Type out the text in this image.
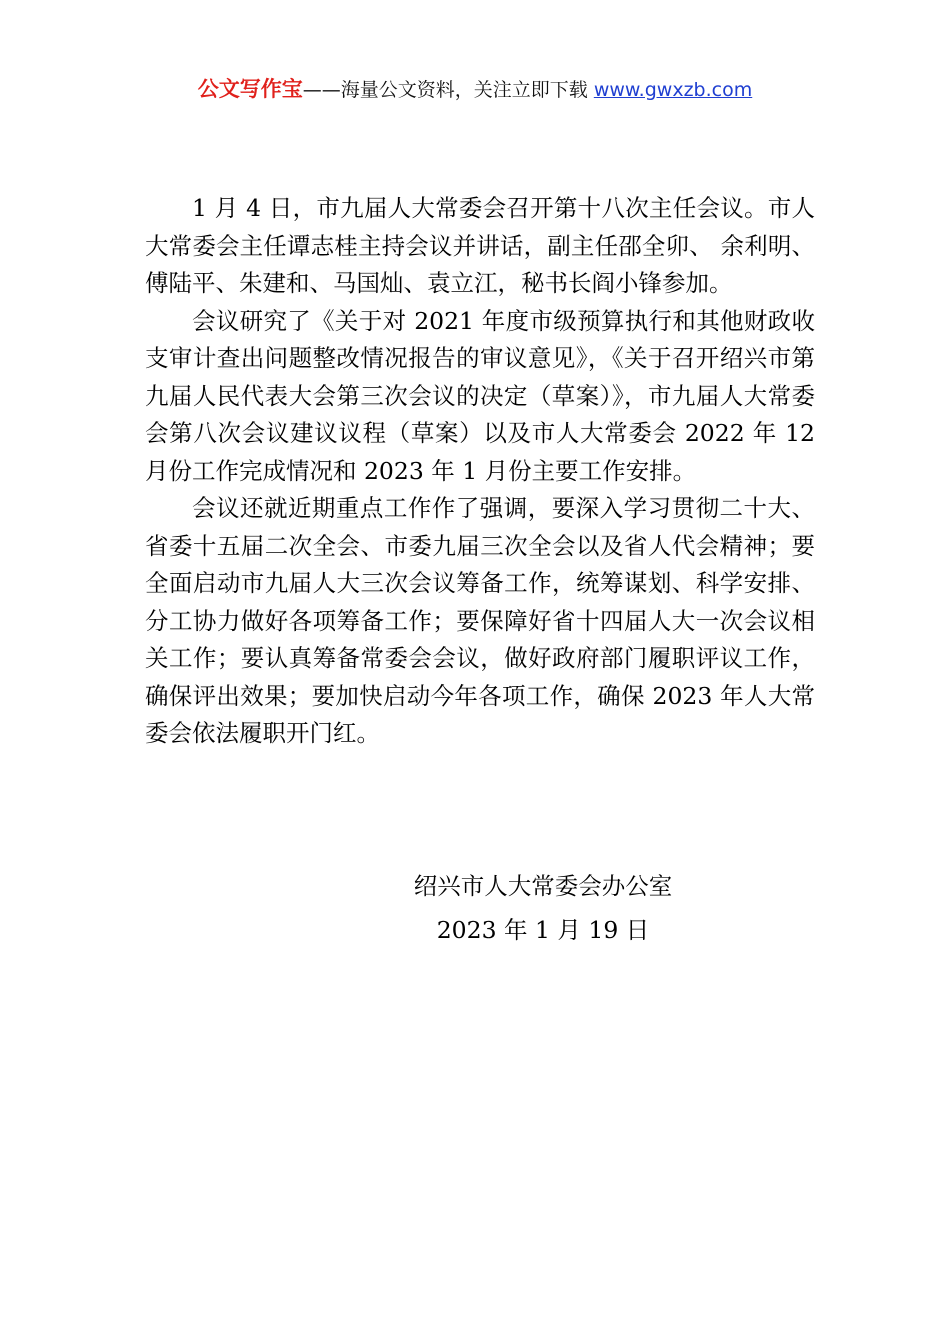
公文写作宝——海量公文资料，关注立即下载 www.gwxzb.com

1 月 4 日，市九届人大常委会召开第十八次主任会议。市人大常委会主任谭志桂主持会议并讲话，副主任邵全卯、 余利明、傅陆平、朱建和、马国灿、袁立江，秘书长阎小锋参加。

会议研究了《关于对 2021 年度市级预算执行和其他财政收支审计查出问题整改情况报告的审议意见》，《关于召开绍兴市第九届人民代表大会第三次会议的决定（草案）》，市九届人大常委会第八次会议建议议程（草案）以及市人大常委会 2022 年 12 月份工作完成情况和 2023 年 1 月份主要工作安排。

会议还就近期重点工作作了强调，要深入学习贯彻二十大、省委十五届二次全会、市委九届三次全会以及省人代会精神；要全面启动市九届人大三次会议筹备工作，统筹谋划、科学安排、分工协力做好各项筹备工作；要保障好省十四届人大一次会议相关工作；要认真筹备常委会会议，做好政府部门履职评议工作，确保评出效果；要加快启动今年各项工作，确保 2023 年人大常委会依法履职开门红。

绍兴市人大常委会办公室
2023 年 1 月 19 日
